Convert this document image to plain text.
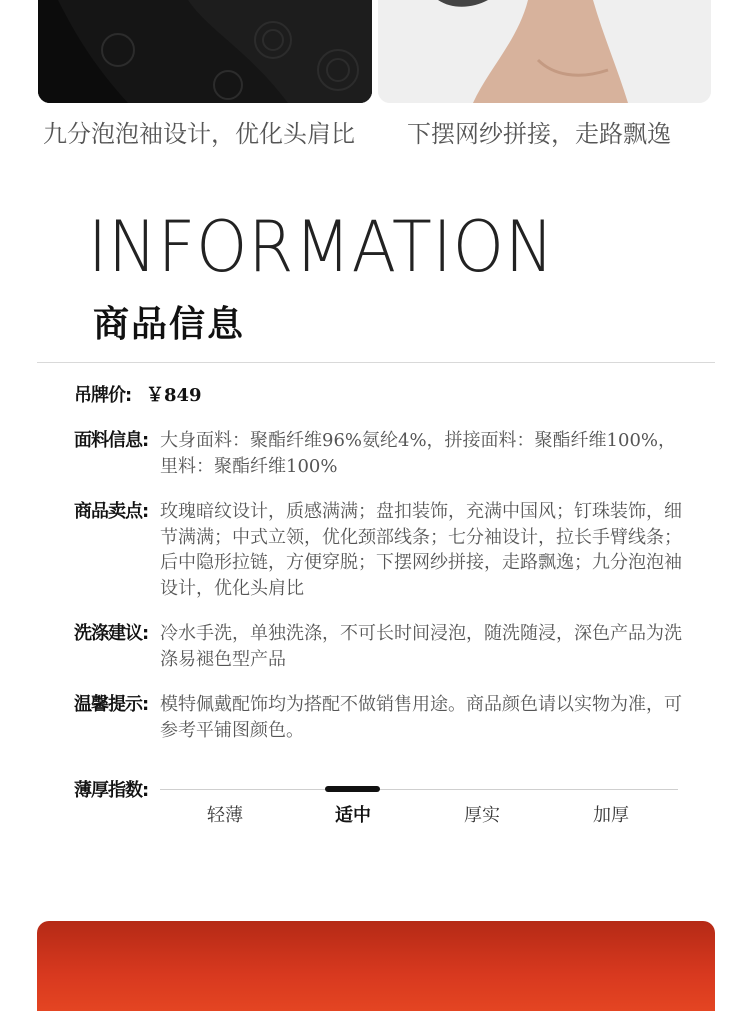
九分泡泡袖设计，优化头肩比 下摆网纱拼接，走路飘逸
INFORMATION
商品信息
吊牌价: ￥849
面料信息: 大身面料：聚酯纤维96%氨纶4%，拼接面料：聚酯纤维100%，里料：聚酯纤维100%
商品卖点: 玫瑰暗纹设计，质感满满；盘扣装饰，充满中国风；钉珠装饰，细节满满；中式立领，优化颈部线条；七分袖设计，拉长手臂线条；后中隐形拉链，方便穿脱；下摆网纱拼接，走路飘逸；九分泡泡袖设计，优化头肩比
洗涤建议: 冷水手洗，单独洗涤，不可长时间浸泡，随洗随浸，深色产品为洗涤易褪色型产品
温馨提示: 模特佩戴配饰均为搭配不做销售用途。商品颜色请以实物为准，可参考平铺图颜色。
薄厚指数:
轻薄	适中	厚实	加厚
